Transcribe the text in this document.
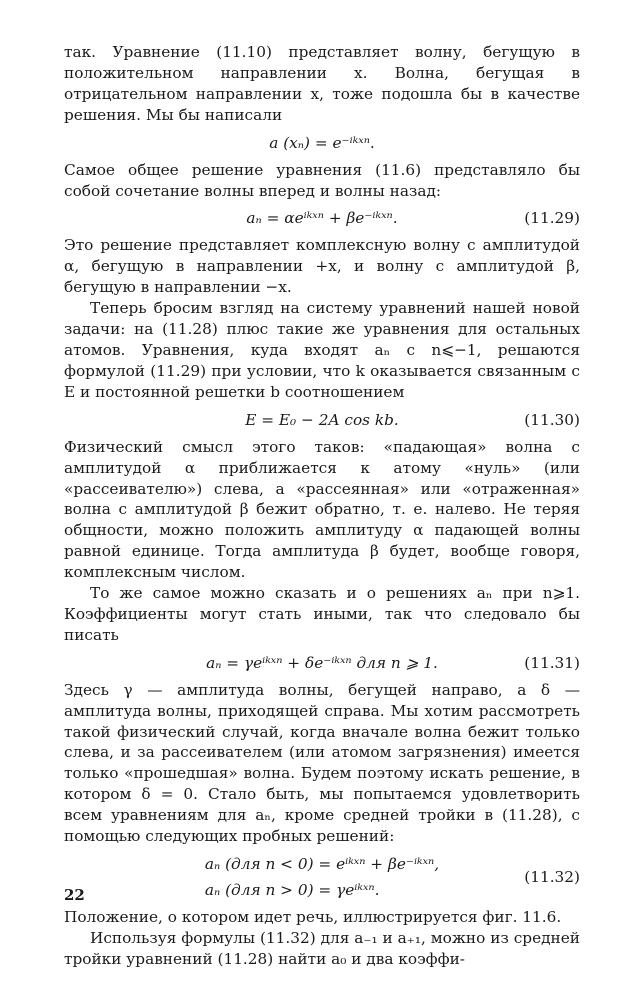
так. Уравнение (11.10) представляет волну, бегущую в положительном направлении x. Волна, бегущая в отрицательном направлении x, тоже подошла бы в качестве решения. Мы бы написали

a (xₙ) = e⁻ⁱᵏˣⁿ.

Самое общее решение уравнения (11.6) представляло бы собой сочетание волны вперед и волны назад:

aₙ = αeⁱᵏˣⁿ + βe⁻ⁱᵏˣⁿ.	(11.29)

Это решение представляет комплексную волну с амплитудой α, бегущую в направлении +x, и волну с амплитудой β, бегущую в направлении −x.

Теперь бросим взгляд на систему уравнений нашей новой задачи: на (11.28) плюс такие же уравнения для остальных атомов. Уравнения, куда входят aₙ с n⩽−1, решаются формулой (11.29) при условии, что k оказывается связанным с E и постоянной решетки b соотношением

E = E₀ − 2A cos kb.	(11.30)

Физический смысл этого таков: «падающая» волна с амплитудой α приближается к атому «нуль» (или «рассеивателю») слева, а «рассеянная» или «отраженная» волна с амплитудой β бежит обратно, т. е. налево. Не теряя общности, можно положить амплитуду α падающей волны равной единице. Тогда амплитуда β будет, вообще говоря, комплексным числом.

То же самое можно сказать и о решениях aₙ при n⩾1. Коэффициенты могут стать иными, так что следовало бы писать

aₙ = γeⁱᵏˣⁿ + δe⁻ⁱᵏˣⁿ для n ⩾ 1.	(11.31)

Здесь γ — амплитуда волны, бегущей направо, а δ — амплитуда волны, приходящей справа. Мы хотим рассмотреть такой физический случай, когда вначале волна бежит только слева, и за рассеивателем (или атомом загрязнения) имеется только «прошедшая» волна. Будем поэтому искать решение, в котором δ = 0. Стало быть, мы попытаемся удовлетворить всем уравнениям для aₙ, кроме средней тройки в (11.28), с помощью следующих пробных решений:

aₙ (для n < 0) = eⁱᵏˣⁿ + βe⁻ⁱᵏˣⁿ,
aₙ (для n > 0) = γeⁱᵏˣⁿ.
(11.32)

Положение, о котором идет речь, иллюстрируется фиг. 11.6.

Используя формулы (11.32) для a₋₁ и a₊₁, можно из средней тройки уравнений (11.28) найти a₀ и два коэффи-

22
